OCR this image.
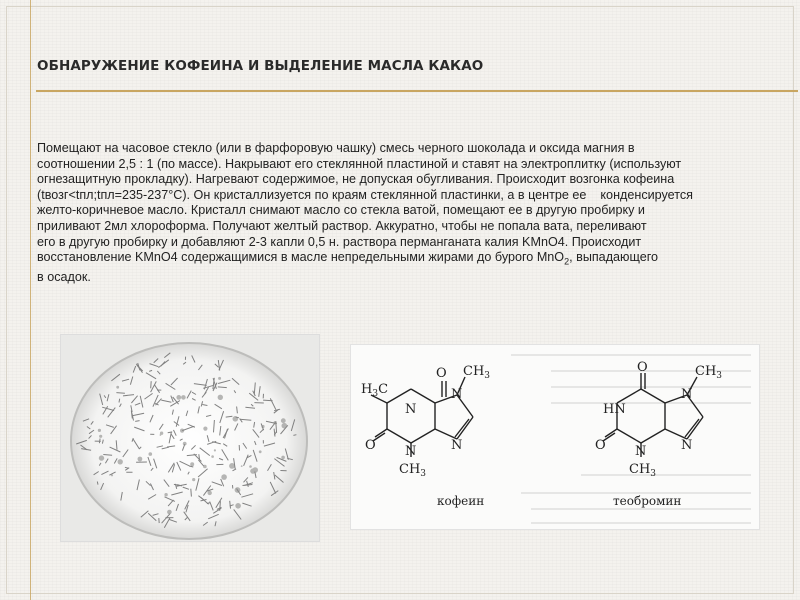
ОБНАРУЖЕНИЕ КОФЕИНА И ВЫДЕЛЕНИЕ МАСЛА КАКАО
Помещают на часовое стекло (или в фарфоровую чашку) смесь черного шоколада и оксида магния в
соотношении 2,5 : 1 (по массе). Накрывают его стеклянной пластиной и ставят на электроплитку (используют
огнезащитную прокладку). Нагревают содержимое, не допуская обугливания. Происходит возгонка кофеина
(tвозг<tпл;tпл=235-237°C). Он кристаллизуется по краям стеклянной пластинки, а в центре ее    конденсируется
желто-коричневое масло. Кристалл снимают масло со стекла ватой, помещают ее в другую пробирку и
приливают 2мл хлороформа. Получают желтый раствор. Аккуратно, чтобы не попала вата, переливают
его в другую пробирку и добавляют 2-3 капли 0,5 н. раствора перманганата калия KMnO4. Происходит
восстановление KMnO4 содержащимися в масле непредельными жирами до бурого MnO$_2$, выпадающего
в осадок.
$H_3C$
N
O
O N
N
N
$CH_3$
$CH_3$
кофеин
HN
O
O N
N
N
$CH_3$
$CH_3$
теобромин
